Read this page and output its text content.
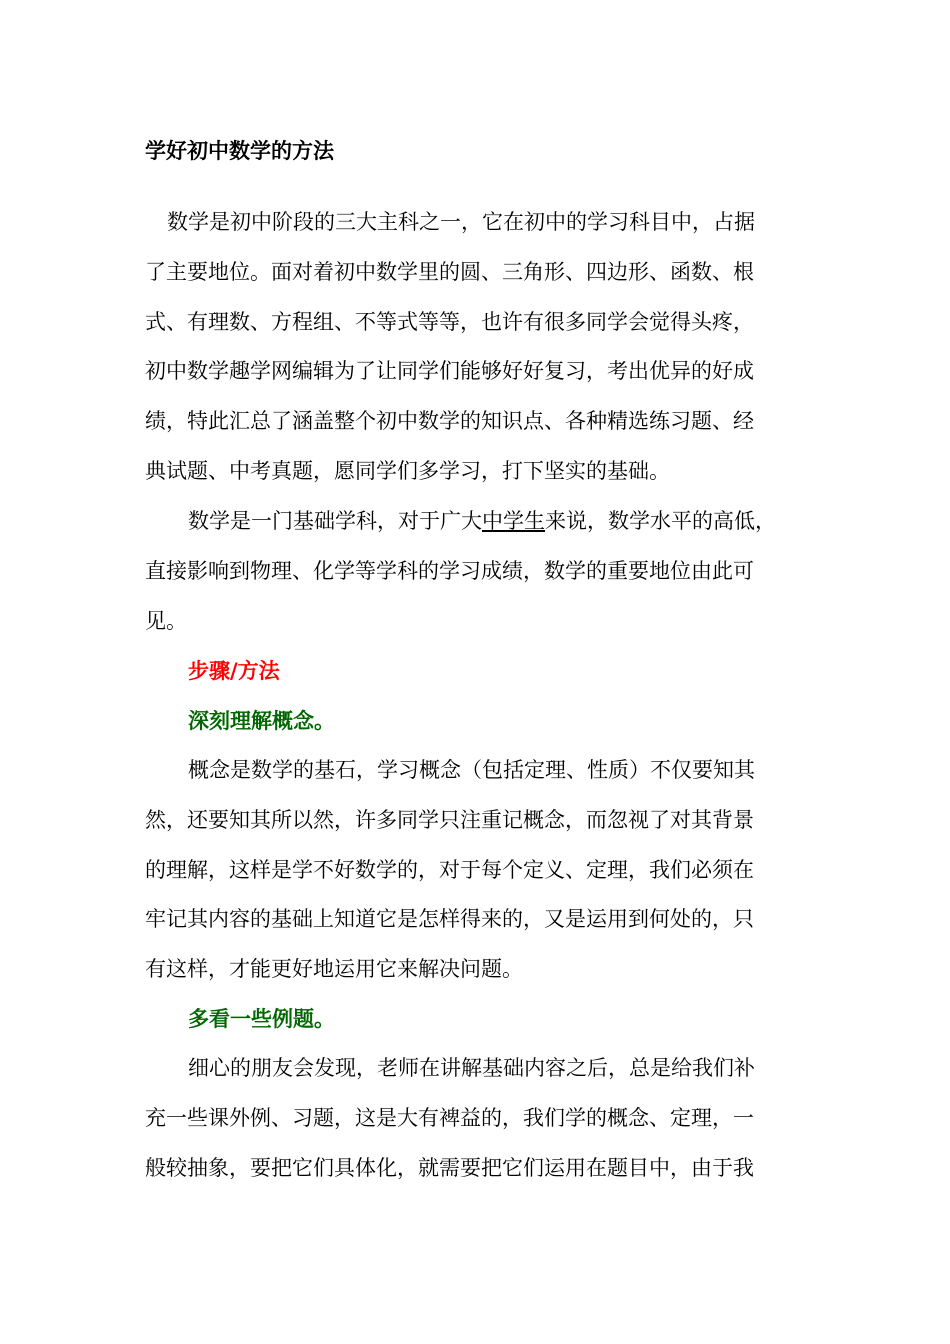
学好初中数学的方法
数学是初中阶段的三大主科之一，它在初中的学习科目中，占据
了主要地位。面对着初中数学里的圆、三角形、四边形、函数、根
式、有理数、方程组、不等式等等，也许有很多同学会觉得头疼，
初中数学趣学网编辑为了让同学们能够好好复习，考出优异的好成
绩，特此汇总了涵盖整个初中数学的知识点、各种精选练习题、经
典试题、中考真题，愿同学们多学习，打下坚实的基础。
数学是一门基础学科，对于广大中学生来说，数学水平的高低，
直接影响到物理、化学等学科的学习成绩，数学的重要地位由此可
见。
步骤/方法
深刻理解概念。
概念是数学的基石，学习概念（包括定理、性质）不仅要知其
然，还要知其所以然，许多同学只注重记概念，而忽视了对其背景
的理解，这样是学不好数学的，对于每个定义、定理，我们必须在
牢记其内容的基础上知道它是怎样得来的，又是运用到何处的，只
有这样，才能更好地运用它来解决问题。
多看一些例题。
细心的朋友会发现，老师在讲解基础内容之后，总是给我们补
充一些课外例、习题，这是大有裨益的，我们学的概念、定理，一
般较抽象，要把它们具体化，就需要把它们运用在题目中，由于我
